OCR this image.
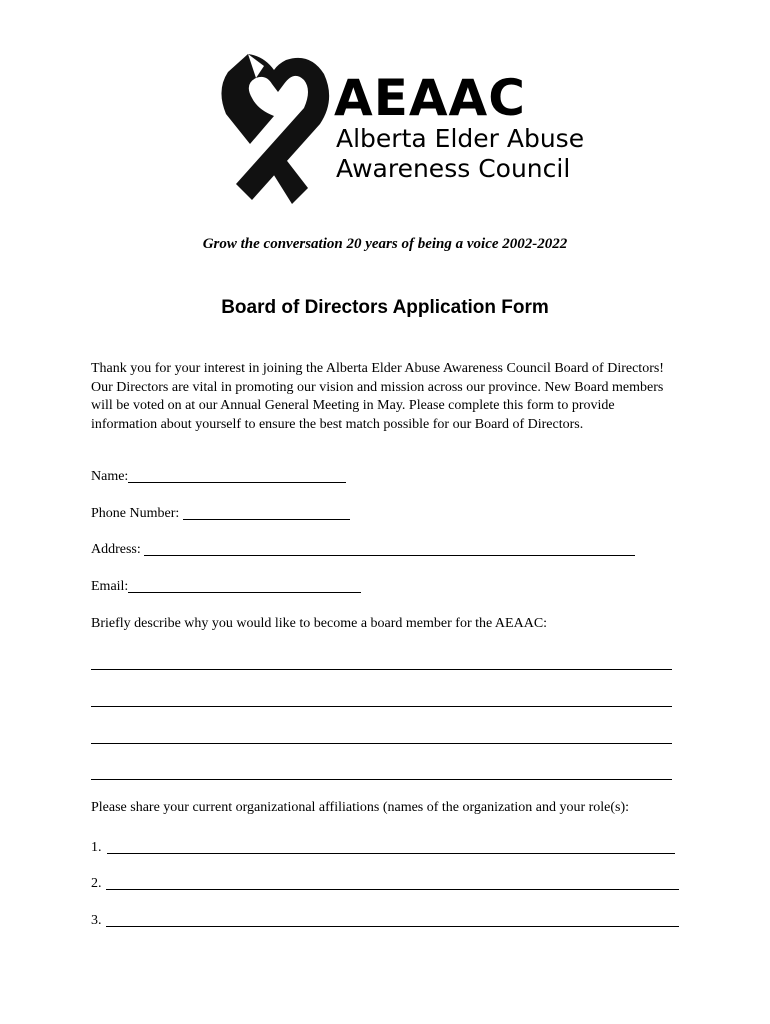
AEAAC
Alberta Elder Abuse
Awareness Council
Grow the conversation 20 years of being a voice 2002-2022
Board of Directors Application Form
Thank you for your interest in joining the Alberta Elder Abuse Awareness Council Board of Directors! Our Directors are vital in promoting our vision and mission across our province. New Board members will be voted on at our Annual General Meeting in May. Please complete this form to provide information about yourself to ensure the best match possible for our Board of Directors.
Name:
Phone Number:
Address:
Email:
Briefly describe why you would like to become a board member for the AEAAC:
Please share your current organizational affiliations (names of the organization and your role(s):
1.
2.
3.
